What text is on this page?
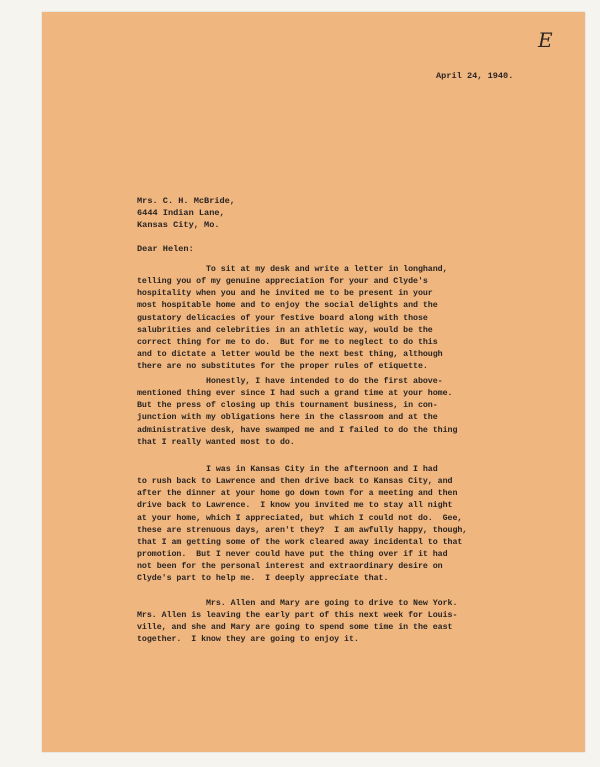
E
April 24, 1940.
Mrs. C. H. McBride,
6444 Indian Lane,
Kansas City, Mo.
Dear Helen:
To sit at my desk and write a letter in longhand,
telling you of my genuine appreciation for your and Clyde's
hospitality when you and he invited me to be present in your
most hospitable home and to enjoy the social delights and the
gustatory delicacies of your festive board along with those
salubrities and celebrities in an athletic way, would be the
correct thing for me to do.  But for me to neglect to do this
and to dictate a letter would be the next best thing, although
there are no substitutes for the proper rules of etiquette.
Honestly, I have intended to do the first above-
mentioned thing ever since I had such a grand time at your home.
But the press of closing up this tournament business, in con-
junction with my obligations here in the classroom and at the
administrative desk, have swamped me and I failed to do the thing
that I really wanted most to do.
I was in Kansas City in the afternoon and I had
to rush back to Lawrence and then drive back to Kansas City, and
after the dinner at your home go down town for a meeting and then
drive back to Lawrence.  I know you invited me to stay all night
at your home, which I appreciated, but which I could not do.  Gee,
these are strenuous days, aren't they?  I am awfully happy, though,
that I am getting some of the work cleared away incidental to that
promotion.  But I never could have put the thing over if it had
not been for the personal interest and extraordinary desire on
Clyde's part to help me.  I deeply appreciate that.
Mrs. Allen and Mary are going to drive to New York.
Mrs. Allen is leaving the early part of this next week for Louis-
ville, and she and Mary are going to spend some time in the east
together.  I know they are going to enjoy it.
